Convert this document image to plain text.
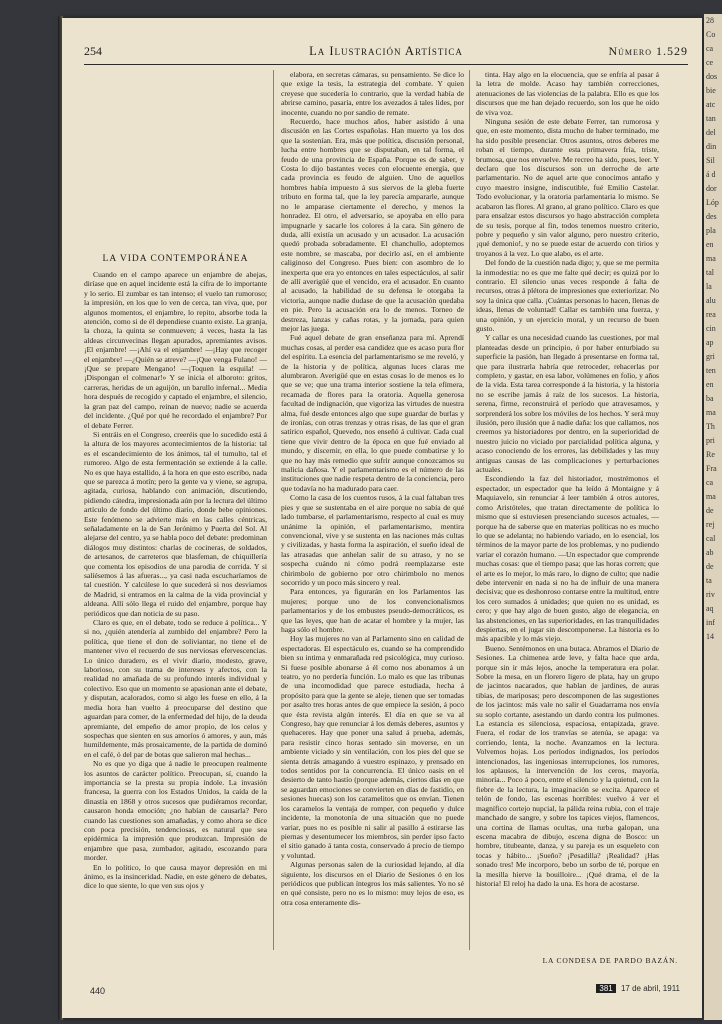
254	La Ilustración Artística	Número 1.529
LA VIDA CONTEMPORÁNEA

Cuando en el campo aparece un enjambre de abejas, diríase que en aquel incidente está la cifra de lo importante y lo serio. El zumbar es tan intenso; el vuelo tan rumoroso; la impresión, en los que lo ven de cerca, tan viva, que, por algunos momentos, el enjambre, lo repito, absorbe toda la atención, como si de él dependiese cuanto existe. La granja, la choza, la quinta se conmueven; á veces, hasta la las aldeas circunvecinas llegan apurados, apremiantes avisos. ¡El enjambre! —¡Ahí va el enjambre! —¡Hay que recoger el enjambre! —¿Quién se atreve? —¡Que venga Fulano! —¡Que se prepare Mengano! —¡Toquen la esquila! —¡Dispongan el colmenar!» Y se inicia el alboroto: gritos, carreras, heridas de un aguijón, un barullo infernal... Media hora después de recogido y captado el enjambre, el silencio, la gran paz del campo, reinan de nuevo; nadie se acuerda del incidente. ¿Qué por qué he recordado el enjambre? Por el debate Ferrer.

Si entráis en el Congreso, creeréis que lo sucedido está á la altura de los mayores acontecimientos de la historia: tal es el escandecimiento de los ánimos, tal el tumulto, tal el rumoreo. Algo de esta fermentación se extiende á la calle. No es que haya estallido, á la hora en que esto escribo, nada que se parezca á motín; pero la gente va y viene, se agrupa, agitada, curiosa, hablando con animación, discutiendo, pidiendo cátedra, impresionada aún por la lectura del último artículo de fondo del último diario, donde bebe opiniones. Este fenómeno se advierte más en las calles céntricas, señaladamente en la de San Jerónimo y Puerta del Sol. Al alejarse del centro, ya se habla poco del debate: predominan diálogos muy distintos: charlas de cocineras, de soldados, de artesanos, de carreteros que blasfeman, de chiquillería que comenta los episodios de una parodia de corrida. Y si salíésemos á las afueras..., ya casi nada escucharíamos de tal cuestión. Y calcúlese lo que sucederá si nos desviamos de Madrid, si entramos en la calma de la vida provincial y aldeana. Allí sólo llega el ruido del enjambre, porque hay periódicos que dan noticia de su paso.

Claro es que, en el debate, todo se reduce á política... Y si no, ¿quién atendería al zumbido del enjambre? Pero la política, que tiene el don de soliviantar, no tiene el de mantener vivo el recuerdo de sus nerviosas efervescencias. Lo único duradero, es el vivir diario, modesto, grave, laborioso, con su trama de intereses y afectos, con la realidad no amañada de su profundo interés individual y colectivo. Eso que un momento se apasionan ante el debate, y disputan, acalorados, como si algo les fuese en ello, á la media hora han vuelto á preocuparse del destino que aguardan para comer, de la enfermedad del hijo, de la deuda apremiante, del empeño de amor propio, de los celos y sospechas que sienten en sus amoríos ó amores, y aun, más humildemente, más prosaicamente, de la partida de dominó en el café, ó del par de botas que salieron mal hechas...

No es que yo diga que á nadie le preocupen realmente los asuntos de carácter político. Preocupan, sí, cuando la importancia se la presta su propia índole. La invasión francesa, la guerra con los Estados Unidos, la caída de la dinastía en 1868 y otros sucesos que pudiéramos recordar, causaron honda emoción; ¿no habían de causarla? Pero cuando las cuestiones son amañadas, y como ahora se dice con poca precisión, tendenciosas, es natural que sea epidérmica la impresión que produzcan. Impresión de enjambre que pasa, zumbador, agitado, escozando para morder.

En lo político, lo que causa mayor depresión en mi ánimo, es la insinceridad. Nadie, en este género de debates, dice lo que siente, lo que ven sus ojos y

elabora, en secretas cámaras, su pensamiento. Se dice lo que exige la tesis, la estrategia del combate. Y quien creyese que sucedería lo contrario, que la verdad había de abrirse camino, pasaría, entre los avezados á tales lides, por inocente, cuando no por sandio de remate.

Recuerdo, hace muchos años, haber asistido á una discusión en las Cortes españolas. Han muerto ya los dos que la sostenían. Era, más que política, discusión personal, lucha entre hombres que se disputaban, en tal forma, el feudo de una provincia de España. Porque es de saber, y Costa lo dijo bastantes veces con elocuente energía, que cada provincia es feudo de alguien. Uno de aquellos hombres había impuesto á sus siervos de la gleba fuerte tributo en forma tal, que la ley parecía ampararle, aunque no le amparase ciertamente el derecho, y menos la honradez. El otro, el adversario, se apoyaba en ello para impugnarle y sacarle los colores á la cara. Sin género de duda, allí existía un acusado y un acusador. La acusación quedó probada sobradamente. El chanchullo, adoptemos este nombre, se mascaba, por decirlo así, en el ambiente caliginoso del Congreso. Pues bien: con asombro de lo inexperta que era yo entonces en tales espectáculos, al salir de allí averigüé que el vencido, era el acusador. En cuanto al acusado, la habilidad de su defensa le otorgaba la victoria, aunque nadie dudase de que la acusación quedaba en pie. Pero la acusación era lo de menos. Torneo de destreza, lanzas y cañas rotas, y la jornada, para quien mejor las juega.

Fué aquel debate de gran enseñanza para mí. Aprendí muchas cosas, al perder esa candidez que es acaso pura flor del espíritu. La esencia del parlamentarismo se me reveló, y de la historia y de política, algunas luces claras me alumbraron. Averigüé que en estas cosas lo de menos es lo que se ve; que una trama interior sostiene la tela efímera, recamada de flores para la oratoria. Aquella generosa facultad de indignación, que vigoriza las virtudes de nuestra alma, fué desde entonces algo que supe guardar de burlas y de ironías, con otras trenzas y otras risas, de las que el gran satírico español, Quevedo, nos enseñó á cultivar. Cada cual tiene que vivir dentro de la época en que fué enviado al mundo, y discernir, en ella, lo que puede combatirse y lo que no hay más remedio que sufrir aunque conozcamos su malicia dañosa. Y el parlamentarismo es el número de las instituciones que nadie respeta dentro de la conciencia, pero que todavía no ha madurado para caer.

Como la casa de los cuentos rusos, á la cual faltaban tres pies y que se sustentaba en el aire porque no sabía de qué lado tumbarse, el parlamentarismo, respecto al cual es muy unánime la opinión, el parlamentarismo, mentira convencional, vive y se sustenta en las naciones más cultas y civilizadas, y hasta forma la aspiración, el sueño ideal de las atrasadas que anhelan salir de su atraso, y no se sospecha cuándo ni cómo podrá reemplazarse este chirimbolo de gobierno por otro chirimbolo no menos socorrido y un poco más sincero y real.

Para entonces, ya figurarán en los Parlamentos las mujeres; porque uno de los convencionalismos parlamentarios y de los embustes pseudo-democráticos, es que las leyes, que han de acatar el hombre y la mujer, las haga sólo el hombre.

Hoy las mujeres no van al Parlamento sino en calidad de espectadoras. El espectáculo es, cuando se ha comprendido bien su intima y enmarañada red psicológica, muy curioso. Si fuese posible abonarse á él como nos abonamos á un teatro, yo no perdería función. Lo malo es que las tribunas de una incomodidad que parece estudiada, hecha á propósito para que la gente se aleje, tienen que ser tomadas por asalto tres horas antes de que empiece la sesión, á poco que ésta revista algún interés. El día en que se va al Congreso, hay que renunciar á los demás deberes, asuntos y quehaceres. Hay que poner una salud á prueba, además, para resistir cinco horas sentado sin moverse, en un ambiente viciado y sin ventilación, con los pies del que se sienta detrás amagando á vuestro espinazo, y prensado en todos sentidos por la concurrencia. El único oasis en el desierto de tanto hastío (porque además, ciertos días en que se aguardan emociones se convierten en días de fastidio, en sesiones huecas) son los caramelitos que os envían. Tienen los caramelos la ventaja de romper, con pequeño y dulce incidente, la monotonía de una situación que no puede variar, pues no es posible ni salir al pasillo á estirarse las piernas y desentumecer los miembros, sin perder ipso facto el sitio ganado á tanta costa, conservado á precio de tiempo y voluntad.

Algunas personas salen de la curiosidad lejando, al día siguiente, los discursos en el Diario de Sesiones ó en los periódicos que publican íntegros los más salientes. Yo no sé en qué consiste, pero no es lo mismo: muy lejos de eso, es otra cosa enteramente dis-

tinta. Hay algo en la elocuencia, que se enfría al pasar á la letra de molde. Acaso hay también correcciones, atenuaciones de las violencias de la palabra. Ello es que los discursos que me han dejado recuerdo, son los que he oído de viva voz.

Ninguna sesión de este debate Ferrer, tan rumorosa y que, en este momento, dista mucho de haber terminado, me ha sido posible presenciar. Otros asuntos, otros deberes me roban el tiempo, durante esta primavera fría, triste, brumosa, que nos envuelve. Me recreo ha sido, pues, leer. Y declaro que los discursos son un derroche de arte parlamentario. No de aquel arte que conocimos antaño y cuyo maestro insigne, indiscutible, fué Emilio Castelar. Todo evolucionar, y la oratoria parlamentaria lo mismo. Se acabaron las flores. Al grano, al grano político. Claro es que para ensalzar estos discursos yo hago abstracción completa de su tesis, porque al fin, todos tenemos nuestro criterio, pobre y pequeño y sin valor alguno, pero nuestro criterio, ¡qué demonio!, y no se puede estar de acuerdo con tirios y troyanos á la vez. Lo que alabo, es el arte.

Del fondo de la cuestión nada digo; y, que se me permita la inmodestia: no es que me falte qué decir; es quizá por lo contrario. El silencio unas veces responde á falta de recursos, otras á plétora de impresiones que exteriorizar. No soy la única que calla. ¡Cuántas personas lo hacen, llenas de ideas, llenas de voluntad! Callar es también una fuerza, y una opinión, y un ejercicio moral, y un recurso de buen gusto.

Y callar es una necesidad cuando las cuestiones, por mal planteadas desde un principio, ó por haber enturbiado su superficie la pasión, han llegado á presentarse en forma tal, que para ilustrarla habría que retroceder, rehacerlas por completo, y gastar, en esa labor, volúmenes en folio, y años de la vida. Esta tarea corresponde á la historia, y la historia no se escribe jamás á raíz de los sucesos. La historia, serena, firme, reconstruirá el período que atravesamos, y sorprenderá los sobre los móviles de los hechos. Y será muy ilusión, pero ilusión que á nadie daña: los que callamos, nos creemos ya historiadores por dentro, en la superioridad de nuestro juicio no viciado por parcialidad política alguna, y acaso conociendo de los errores, las debilidades y las muy antiguas causas de las complicaciones y perturbaciones actuales.

Escondiendo la faz del historiador, mostrémonos el espectador, un espectador que ha leído á Montaigne y á Maquiavelo, sin renunciar á leer también á otros autores, como Aristóteles, que tratan directamente de política lo mismo que si estuviesen presenciando sucesos actuales, —porque ha de saberse que en materias políticas no es mucho lo que se adelanta; no habiendo variado, en lo esencial, los términos de la mayor parte de los problemas, y no pudiendo variar el corazón humano. —Un espectador que comprende muchas cosas: que el tiempo pasa; que las horas corren; que el arte es lo mejor, lo más raro, lo digno de culto; que nadie debe intervenir en nada si no ha de influir de una manera decisiva; que es deshonroso contarse entre la multitud, entre los cero sumados á unidades; que quien no es unidad, es cero; y que hay algo de buen gusto, algo de elegancia, en las abstenciones, en las superioridades, en las tranquilidades despiertas, en el jugar sin descomponerse. La historia es lo más apacible y lo más viejo.

Bueno. Sentémonos en una butaca. Abramos el Diario de Sesiones. La chimenea arde leve, y falta hace que arda, porque sin ir más lejos, anoche la temperatura era polar. Sobre la mesa, en un florero ligero de plata, hay un grupo de jacintos nacarados, que hablan de jardines, de auras tibias, de mariposas; pero descomponen de las sugestiones de los jacintos: más vale no salir el Guadarrama nos envía su soplo cortante, asestando un dardo contra los pulmones. La estancia es silenciosa, espaciosa, entapizada, grave. Fuera, el rodar de los tranvías se atenúa, se apaga: va corriendo, lenta, la noche. Avanzamos en la lectura. Volvemos hojas. Los períodos indignados, los períodos intencionados, las ingeniosas interrupciones, los rumores, los aplausos, la intervención de los ceros, mayoría, minoría... Poco á poco, entre el silencio y la quietud, con la fiebre de la lectura, la imaginación se excita. Aparece el telón de fondo, las escenas horribles: vuelvo á ver el magnífico cortejo nupcial, la pálida reina rubia, con el traje manchado de sangre, y sobre los tapices viejos, flamencos, una cortina de llamas ocultas, una turba galopan, una escena macabra de dibujo, escena digna de Bosco: un hombre, titubeante, danza, y su pareja es un esqueleto con tocas y hábito... ¡Sueño? ¡Pesadilla? ¡Realidad? ¡Has sonado tres! Me incorporo, bebo un sorbo de té, porque en la mesilla hierve la bouilloire... ¡Qué drama, el de la historia! El reloj ha dado la una. Es hora de acostarse.

LA CONDESA DE PARDO BAZÁN.
440	381 17 de abril, 1911
28
Co
ca
ce
dos
bie
atc
tan
del
din
Sil
á d
dor
Lóp
des
pla
en
ma
tal
la
alu
rea
cin
ap
gri
ten
en
ba
ma
Th
pri
Re
Fra
ca
ma
de
rej
cal
ab
de
ta
riv
aq
inf
14
